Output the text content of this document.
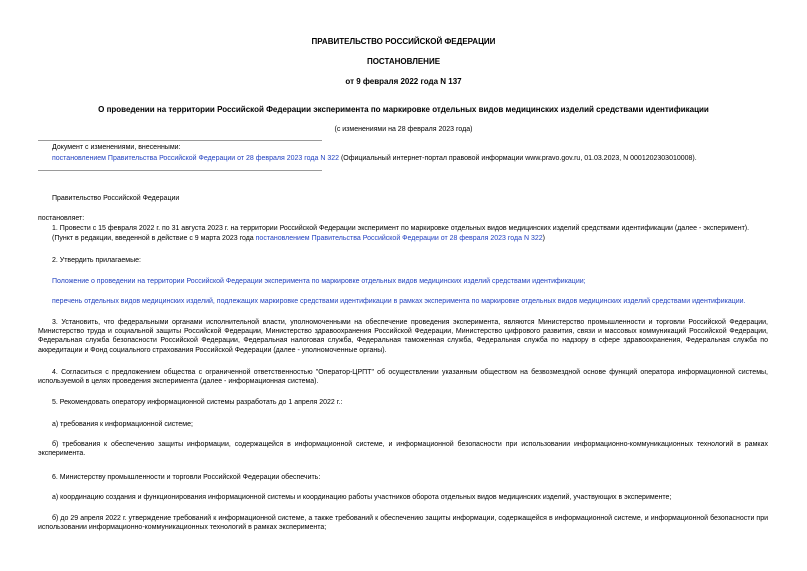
ПРАВИТЕЛЬСТВО РОССИЙСКОЙ ФЕДЕРАЦИИ
ПОСТАНОВЛЕНИЕ
от 9 февраля 2022 года N 137
О проведении на территории Российской Федерации эксперимента по маркировке отдельных видов медицинских изделий средствами идентификации
(с изменениями на 28 февраля 2023 года)
Документ с изменениями, внесенными:
постановлением Правительства Российской Федерации от 28 февраля 2023 года N 322 (Официальный интернет-портал правовой информации www.pravo.gov.ru, 01.03.2023, N 0001202303010008).
Правительство Российской Федерации
постановляет:
1. Провести с 15 февраля 2022 г. по 31 августа 2023 г. на территории Российской Федерации эксперимент по маркировке отдельных видов медицинских изделий средствами идентификации (далее - эксперимент).
(Пункт в редакции, введенной в действие с 9 марта 2023 года постановлением Правительства Российской Федерации от 28 февраля 2023 года N 322)
2. Утвердить прилагаемые:
Положение о проведении на территории Российской Федерации эксперимента по маркировке отдельных видов медицинских изделий средствами идентификации;
перечень отдельных видов медицинских изделий, подлежащих маркировке средствами идентификации в рамках эксперимента по маркировке отдельных видов медицинских изделий средствами идентификации.
3. Установить, что федеральными органами исполнительной власти, уполномоченными на обеспечение проведения эксперимента, являются Министерство промышленности и торговли Российской Федерации, Министерство труда и социальной защиты Российской Федерации, Министерство здравоохранения Российской Федерации, Министерство цифрового развития, связи и массовых коммуникаций Российской Федерации, Федеральная служба безопасности Российской Федерации, Федеральная налоговая служба, Федеральная таможенная служба, Федеральная служба по надзору в сфере здравоохранения, Федеральная служба по аккредитации и Фонд социального страхования Российской Федерации (далее - уполномоченные органы).
4. Согласиться с предложением общества с ограниченной ответственностью "Оператор-ЦРПТ" об осуществлении указанным обществом на безвозмездной основе функций оператора информационной системы, используемой в целях проведения эксперимента (далее - информационная система).
5. Рекомендовать оператору информационной системы разработать до 1 апреля 2022 г.:
а) требования к информационной системе;
б) требования к обеспечению защиты информации, содержащейся в информационной системе, и информационной безопасности при использовании информационно-коммуникационных технологий в рамках эксперимента.
6. Министерству промышленности и торговли Российской Федерации обеспечить:
а) координацию создания и функционирования информационной системы и координацию работы участников оборота отдельных видов медицинских изделий, участвующих в эксперименте;
б) до 29 апреля 2022 г. утверждение требований к информационной системе, а также требований к обеспечению защиты информации, содержащейся в информационной системе, и информационной безопасности при использовании информационно-коммуникационных технологий в рамках эксперимента;
